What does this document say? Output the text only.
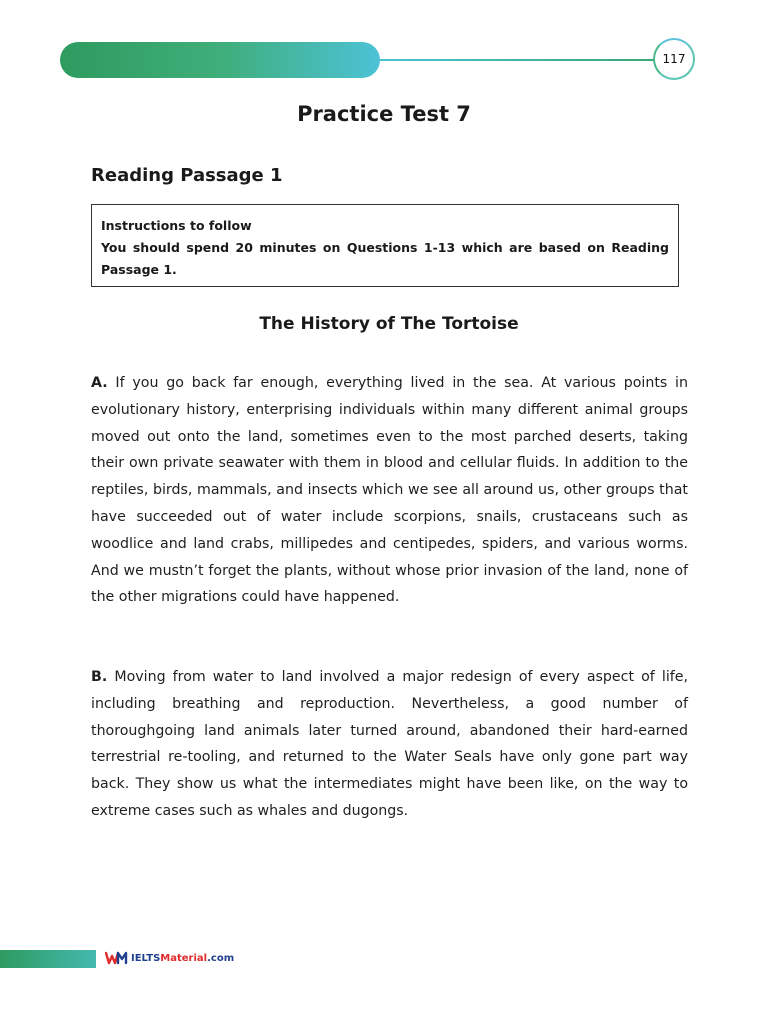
117
Practice Test 7
Reading Passage 1
Instructions to follow
You should spend 20 minutes on Questions 1-13 which are based on Reading Passage 1.
The History of The Tortoise

A. If you go back far enough, everything lived in the sea. At various points in evolutionary history, enterprising individuals within many different animal groups moved out onto the land, sometimes even to the most parched deserts, taking their own private seawater with them in blood and cellular fluids. In addition to the reptiles, birds, mammals, and insects which we see all around us, other groups that have succeeded out of water include scorpions, snails, crustaceans such as woodlice and land crabs, millipedes and centipedes, spiders, and various worms. And we mustn’t forget the plants, without whose prior invasion of the land, none of the other migrations could have happened.

B. Moving from water to land involved a major redesign of every aspect of life, including breathing and reproduction. Nevertheless, a good number of thoroughgoing land animals later turned around, abandoned their hard-earned terrestrial re-tooling, and returned to the Water Seals have only gone part way back. They show us what the intermediates might have been like, on the way to extreme cases such as whales and dugongs.

IELTSMaterial.com
